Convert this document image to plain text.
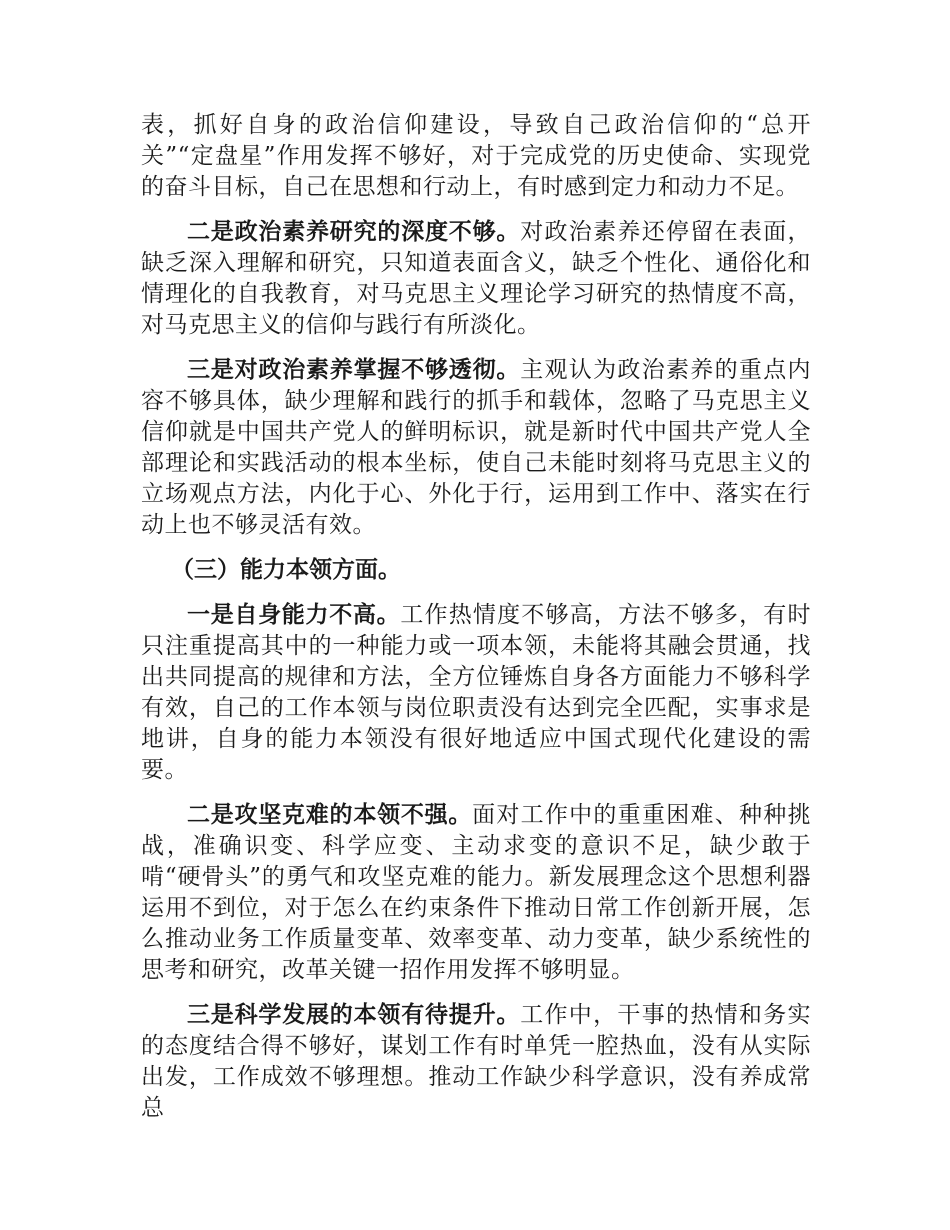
表，抓好自身的政治信仰建设，导致自己政治信仰的“总开关”“定盘星”作用发挥不够好，对于完成党的历史使命、实现党的奋斗目标，自己在思想和行动上，有时感到定力和动力不足。

二是政治素养研究的深度不够。对政治素养还停留在表面，缺乏深入理解和研究，只知道表面含义，缺乏个性化、通俗化和情理化的自我教育，对马克思主义理论学习研究的热情度不高，对马克思主义的信仰与践行有所淡化。

三是对政治素养掌握不够透彻。主观认为政治素养的重点内容不够具体，缺少理解和践行的抓手和载体，忽略了马克思主义信仰就是中国共产党人的鲜明标识，就是新时代中国共产党人全部理论和实践活动的根本坐标，使自己未能时刻将马克思主义的立场观点方法，内化于心、外化于行，运用到工作中、落实在行动上也不够灵活有效。

（三）能力本领方面。

一是自身能力不高。工作热情度不够高，方法不够多，有时只注重提高其中的一种能力或一项本领，未能将其融会贯通，找出共同提高的规律和方法，全方位锤炼自身各方面能力不够科学有效，自己的工作本领与岗位职责没有达到完全匹配，实事求是地讲，自身的能力本领没有很好地适应中国式现代化建设的需要。

二是攻坚克难的本领不强。面对工作中的重重困难、种种挑战，准确识变、科学应变、主动求变的意识不足，缺少敢于啃“硬骨头”的勇气和攻坚克难的能力。新发展理念这个思想利器运用不到位，对于怎么在约束条件下推动日常工作创新开展，怎么推动业务工作质量变革、效率变革、动力变革，缺少系统性的思考和研究，改革关键一招作用发挥不够明显。

三是科学发展的本领有待提升。工作中，干事的热情和务实的态度结合得不够好，谋划工作有时单凭一腔热血，没有从实际出发，工作成效不够理想。推动工作缺少科学意识，没有养成常总
